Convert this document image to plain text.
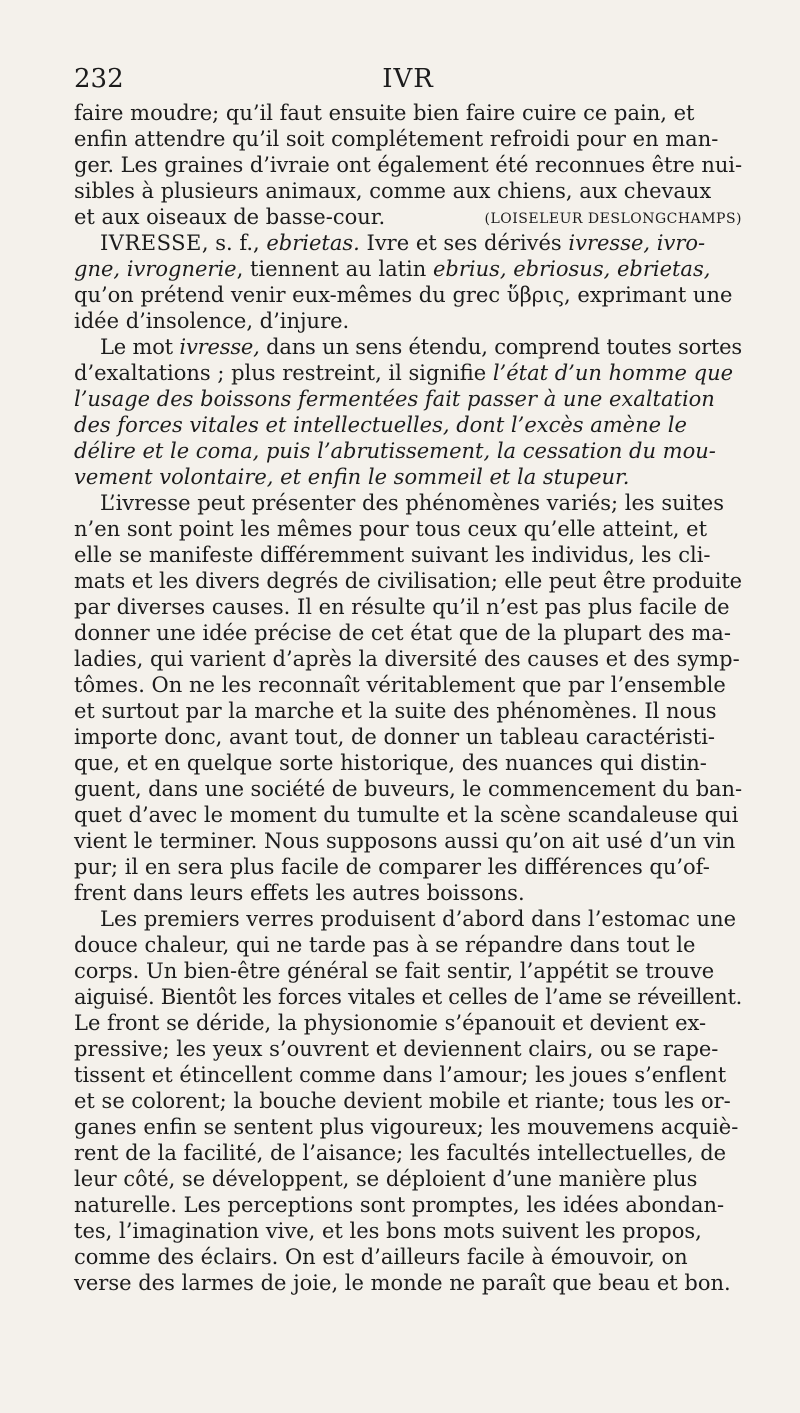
232	IVR

faire moudre; qu’il faut ensuite bien faire cuire ce pain, et
enfin attendre qu’il soit complétement refroidi pour en man-
ger. Les graines d’ivraie ont également été reconnues être nui-
sibles à plusieurs animaux, comme aux chiens, aux chevaux
et aux oiseaux de basse-cour.	(LOISELEUR DESLONGCHAMPS)

IVRESSE, s. f., ebrietas. Ivre et ses dérivés ivresse, ivro-
gne, ivrognerie, tiennent au latin ebrius, ebriosus, ebrietas,
qu’on prétend venir eux-mêmes du grec ὕβρις, exprimant une
idée d’insolence, d’injure.

Le mot ivresse, dans un sens étendu, comprend toutes sortes
d’exaltations ; plus restreint, il signifie l’état d’un homme que
l’usage des boissons fermentées fait passer à une exaltation
des forces vitales et intellectuelles, dont l’excès amène le
délire et le coma, puis l’abrutissement, la cessation du mou-
vement volontaire, et enfin le sommeil et la stupeur.

L’ivresse peut présenter des phénomènes variés; les suites
n’en sont point les mêmes pour tous ceux qu’elle atteint, et
elle se manifeste différemment suivant les individus, les cli-
mats et les divers degrés de civilisation; elle peut être produite
par diverses causes. Il en résulte qu’il n’est pas plus facile de
donner une idée précise de cet état que de la plupart des ma-
ladies, qui varient d’après la diversité des causes et des symp-
tômes. On ne les reconnaît véritablement que par l’ensemble
et surtout par la marche et la suite des phénomènes. Il nous
importe donc, avant tout, de donner un tableau caractéristi-
que, et en quelque sorte historique, des nuances qui distin-
guent, dans une société de buveurs, le commencement du ban-
quet d’avec le moment du tumulte et la scène scandaleuse qui
vient le terminer. Nous supposons aussi qu’on ait usé d’un vin
pur; il en sera plus facile de comparer les différences qu’of-
frent dans leurs effets les autres boissons.

Les premiers verres produisent d’abord dans l’estomac une
douce chaleur, qui ne tarde pas à se répandre dans tout le
corps. Un bien-être général se fait sentir, l’appétit se trouve
aiguisé. Bientôt les forces vitales et celles de l’ame se réveillent.
Le front se déride, la physionomie s’épanouit et devient ex-
pressive; les yeux s’ouvrent et deviennent clairs, ou se rape-
tissent et étincellent comme dans l’amour; les joues s’enflent
et se colorent; la bouche devient mobile et riante; tous les or-
ganes enfin se sentent plus vigoureux; les mouvemens acquiè-
rent de la facilité, de l’aisance; les facultés intellectuelles, de
leur côté, se développent, se déploient d’une manière plus
naturelle. Les perceptions sont promptes, les idées abondan-
tes, l’imagination vive, et les bons mots suivent les propos,
comme des éclairs. On est d’ailleurs facile à émouvoir, on
verse des larmes de joie, le monde ne paraît que beau et bon.
